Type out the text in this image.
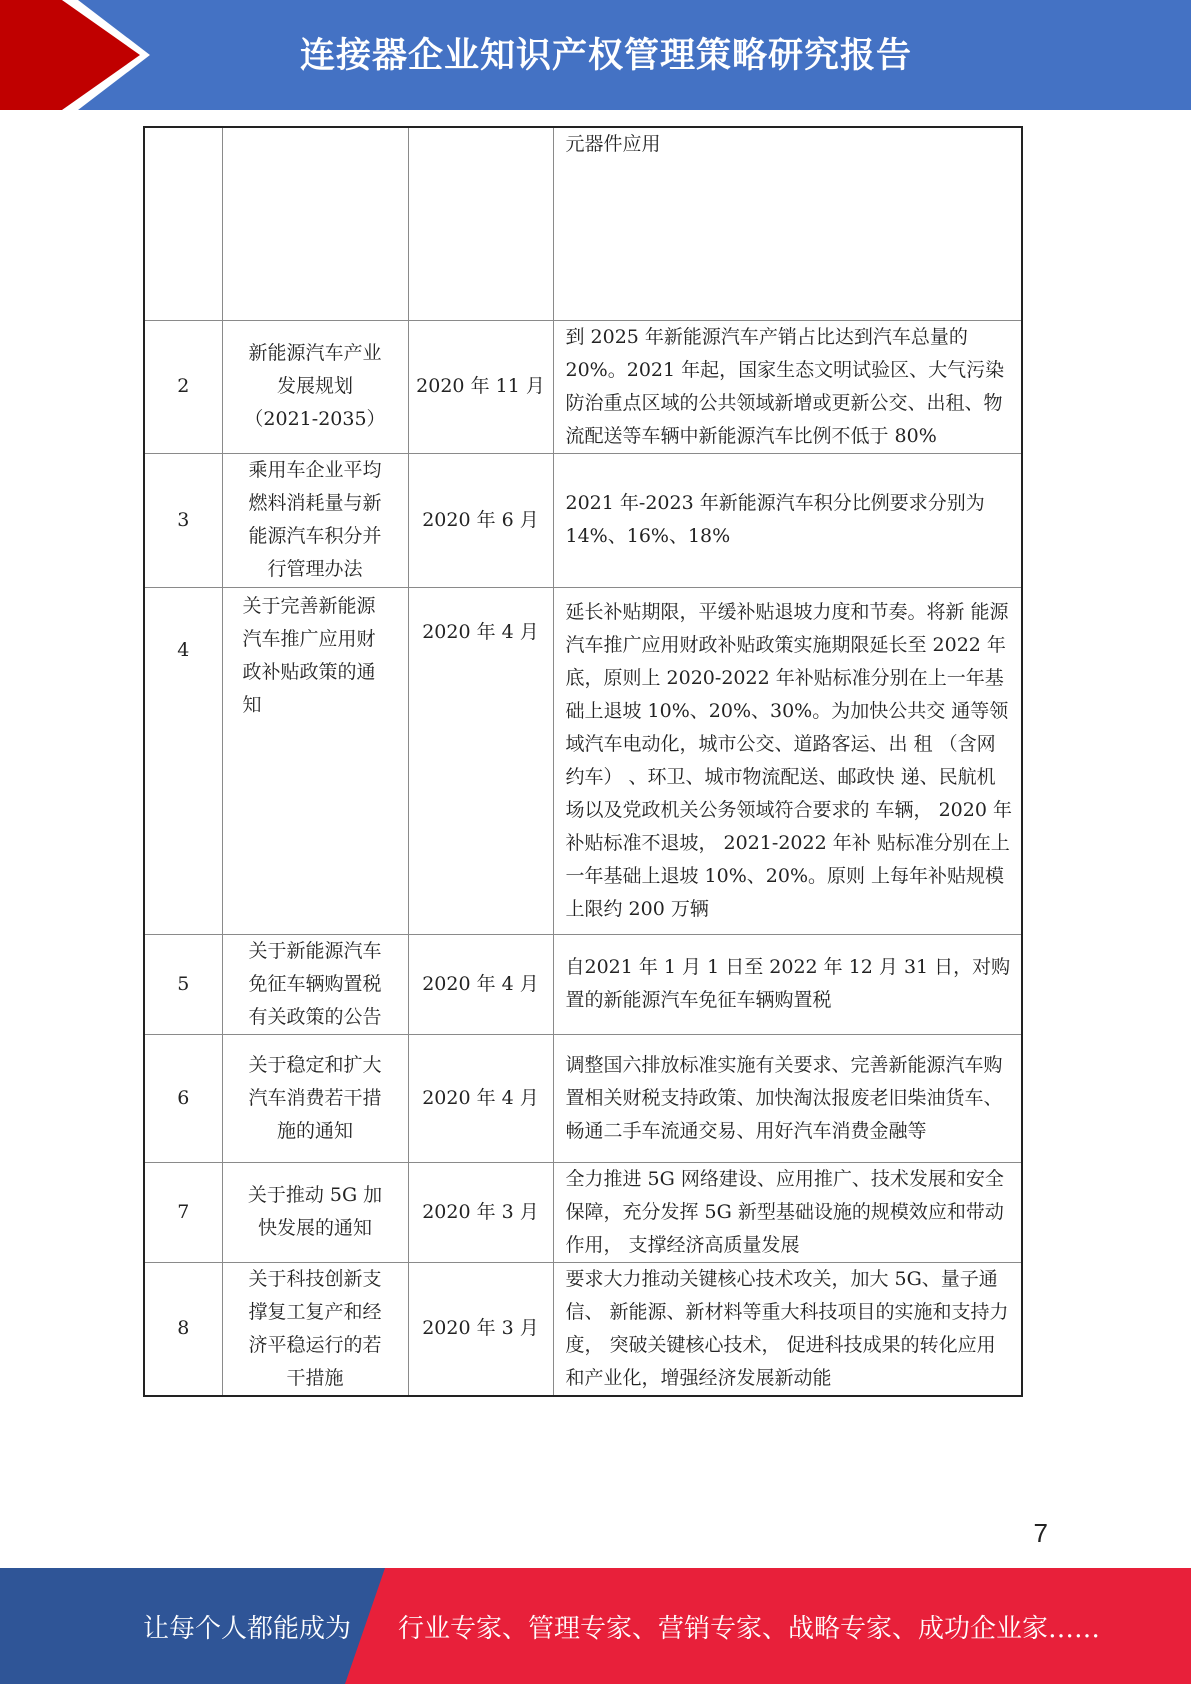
连接器企业知识产权管理策略研究报告
			元器件应用
2	新能源汽车产业发展规划（2021-2035）	2020 年 11 月	到 2025 年新能源汽车产销占比达到汽车总量的20%。2021 年起，国家生态文明试验区、大气污染防治重点区域的公共领域新增或更新公交、出租、物流配送等车辆中新能源汽车比例不低于 80%
3	乘用车企业平均燃料消耗量与新能源汽车积分并行管理办法	2020 年 6 月	2021 年-2023 年新能源汽车积分比例要求分别为 14%、16%、18%
4	关于完善新能源汽车推广应用财政补贴政策的通知	2020 年 4 月	延长补贴期限，平缓补贴退坡力度和节奏。将新 能源汽车推广应用财政补贴政策实施期限延长至 2022 年底，原则上 2020-2022 年补贴标准分别在上一年基础上退坡 10%、20%、30%。为加快公共交 通等领域汽车电动化，城市公交、道路客运、出 租 （含网约车） 、环卫、城市物流配送、邮政快 递、民航机场以及党政机关公务领域符合要求的 车辆， 2020 年补贴标准不退坡， 2021-2022 年补 贴标准分别在上一年基础上退坡 10%、20%。原则 上每年补贴规模上限约 200 万辆
5	关于新能源汽车免征车辆购置税有关政策的公告	2020 年 4 月	自2021 年 1 月 1 日至 2022 年 12 月 31 日，对购 置的新能源汽车免征车辆购置税
6	关于稳定和扩大汽车消费若干措施的通知	2020 年 4 月	调整国六排放标准实施有关要求、完善新能源汽车购置相关财税支持政策、加快淘汰报废老旧柴油货车、畅通二手车流通交易、用好汽车消费金融等
7	关于推动 5G 加快发展的通知	2020 年 3 月	全力推进 5G 网络建设、应用推广、技术发展和安全保障，充分发挥 5G 新型基础设施的规模效应和带动作用， 支撑经济高质量发展
8	关于科技创新支撑复工复产和经济平稳运行的若干措施	2020 年 3 月	要求大力推动关键核心技术攻关，加大 5G、量子通信、 新能源、新材料等重大科技项目的实施和支持力度， 突破关键核心技术， 促进科技成果的转化应用和产业化，增强经济发展新动能
7
让每个人都能成为 行业专家、管理专家、营销专家、战略专家、成功企业家……
